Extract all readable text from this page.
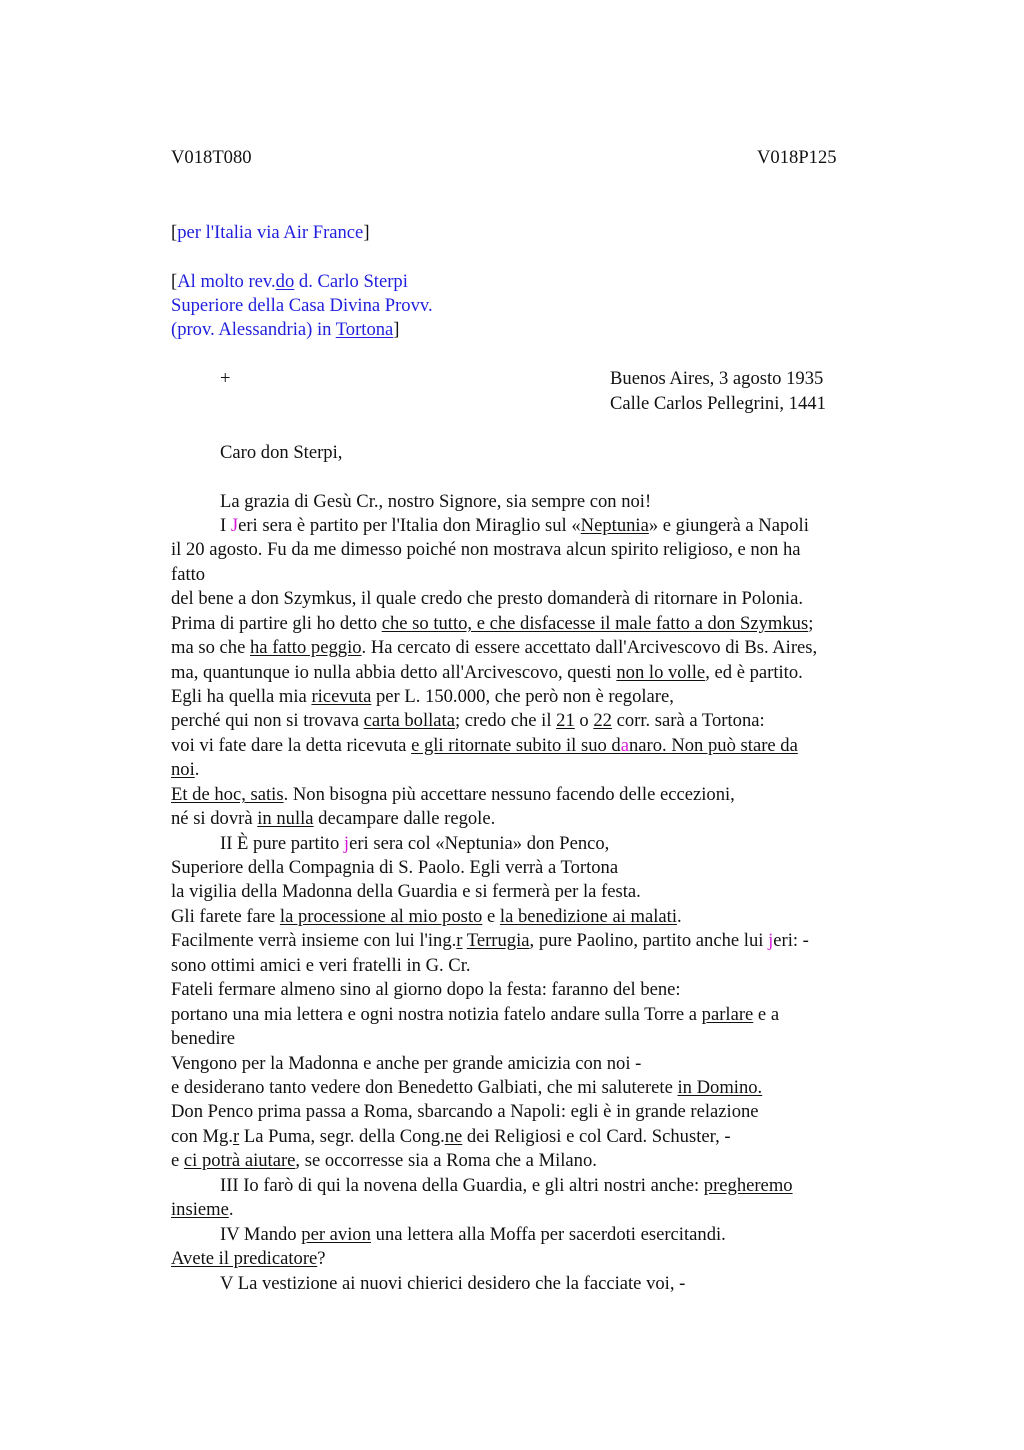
V018T080	V018P125
[per l'Italia via Air France]
[Al molto rev.do d. Carlo Sterpi
Superiore della Casa Divina Provv.
(prov. Alessandria) in Tortona]
+	Buenos Aires, 3 agosto 1935
Calle Carlos Pellegrini, 1441
Caro don Sterpi,
La grazia di Gesù Cr., nostro Signore, sia sempre con noi!
I Jeri sera è partito per l'Italia don Miraglio sul «Neptunia» e giungerà a Napoli
il 20 agosto. Fu da me dimesso poiché non mostrava alcun spirito religioso, e non ha
fatto
del bene a don Szymkus, il quale credo che presto domanderà di ritornare in Polonia.
Prima di partire gli ho detto che so tutto, e che disfacesse il male fatto a don Szymkus;
ma so che ha fatto peggio. Ha cercato di essere accettato dall'Arcivescovo di Bs. Aires,
ma, quantunque io nulla abbia detto all'Arcivescovo, questi non lo volle, ed è partito.
Egli ha quella mia ricevuta per L. 150.000, che però non è regolare,
perché qui non si trovava carta bollata; credo che il 21 o 22 corr. sarà a Tortona:
voi vi fate dare la detta ricevuta e gli ritornate subito il suo danaro. Non può stare da
noi.
Et de hoc, satis. Non bisogna più accettare nessuno facendo delle eccezioni,
né si dovrà in nulla decampare dalle regole.
II È pure partito jeri sera col «Neptunia» don Penco,
Superiore della Compagnia di S. Paolo. Egli verrà a Tortona
la vigilia della Madonna della Guardia e si fermerà per la festa.
Gli farete fare la processione al mio posto e la benedizione ai malati.
Facilmente verrà insieme con lui l'ing.r Terrugia, pure Paolino, partito anche lui jeri: -
sono ottimi amici e veri fratelli in G. Cr.
Fateli fermare almeno sino al giorno dopo la festa: faranno del bene:
portano una mia lettera e ogni nostra notizia fatelo andare sulla Torre a parlare e a
benedire
Vengono per la Madonna e anche per grande amicizia con noi -
e desiderano tanto vedere don Benedetto Galbiati, che mi saluterete in Domino.
Don Penco prima passa a Roma, sbarcando a Napoli: egli è in grande relazione
con Mg.r La Puma, segr. della Cong.ne dei Religiosi e col Card. Schuster, -
e ci potrà aiutare, se occorresse sia a Roma che a Milano.
III Io farò di qui la novena della Guardia, e gli altri nostri anche: pregheremo
insieme.
IV Mando per avion una lettera alla Moffa per sacerdoti esercitandi.
Avete il predicatore?
V La vestizione ai nuovi chierici desidero che la facciate voi, -
